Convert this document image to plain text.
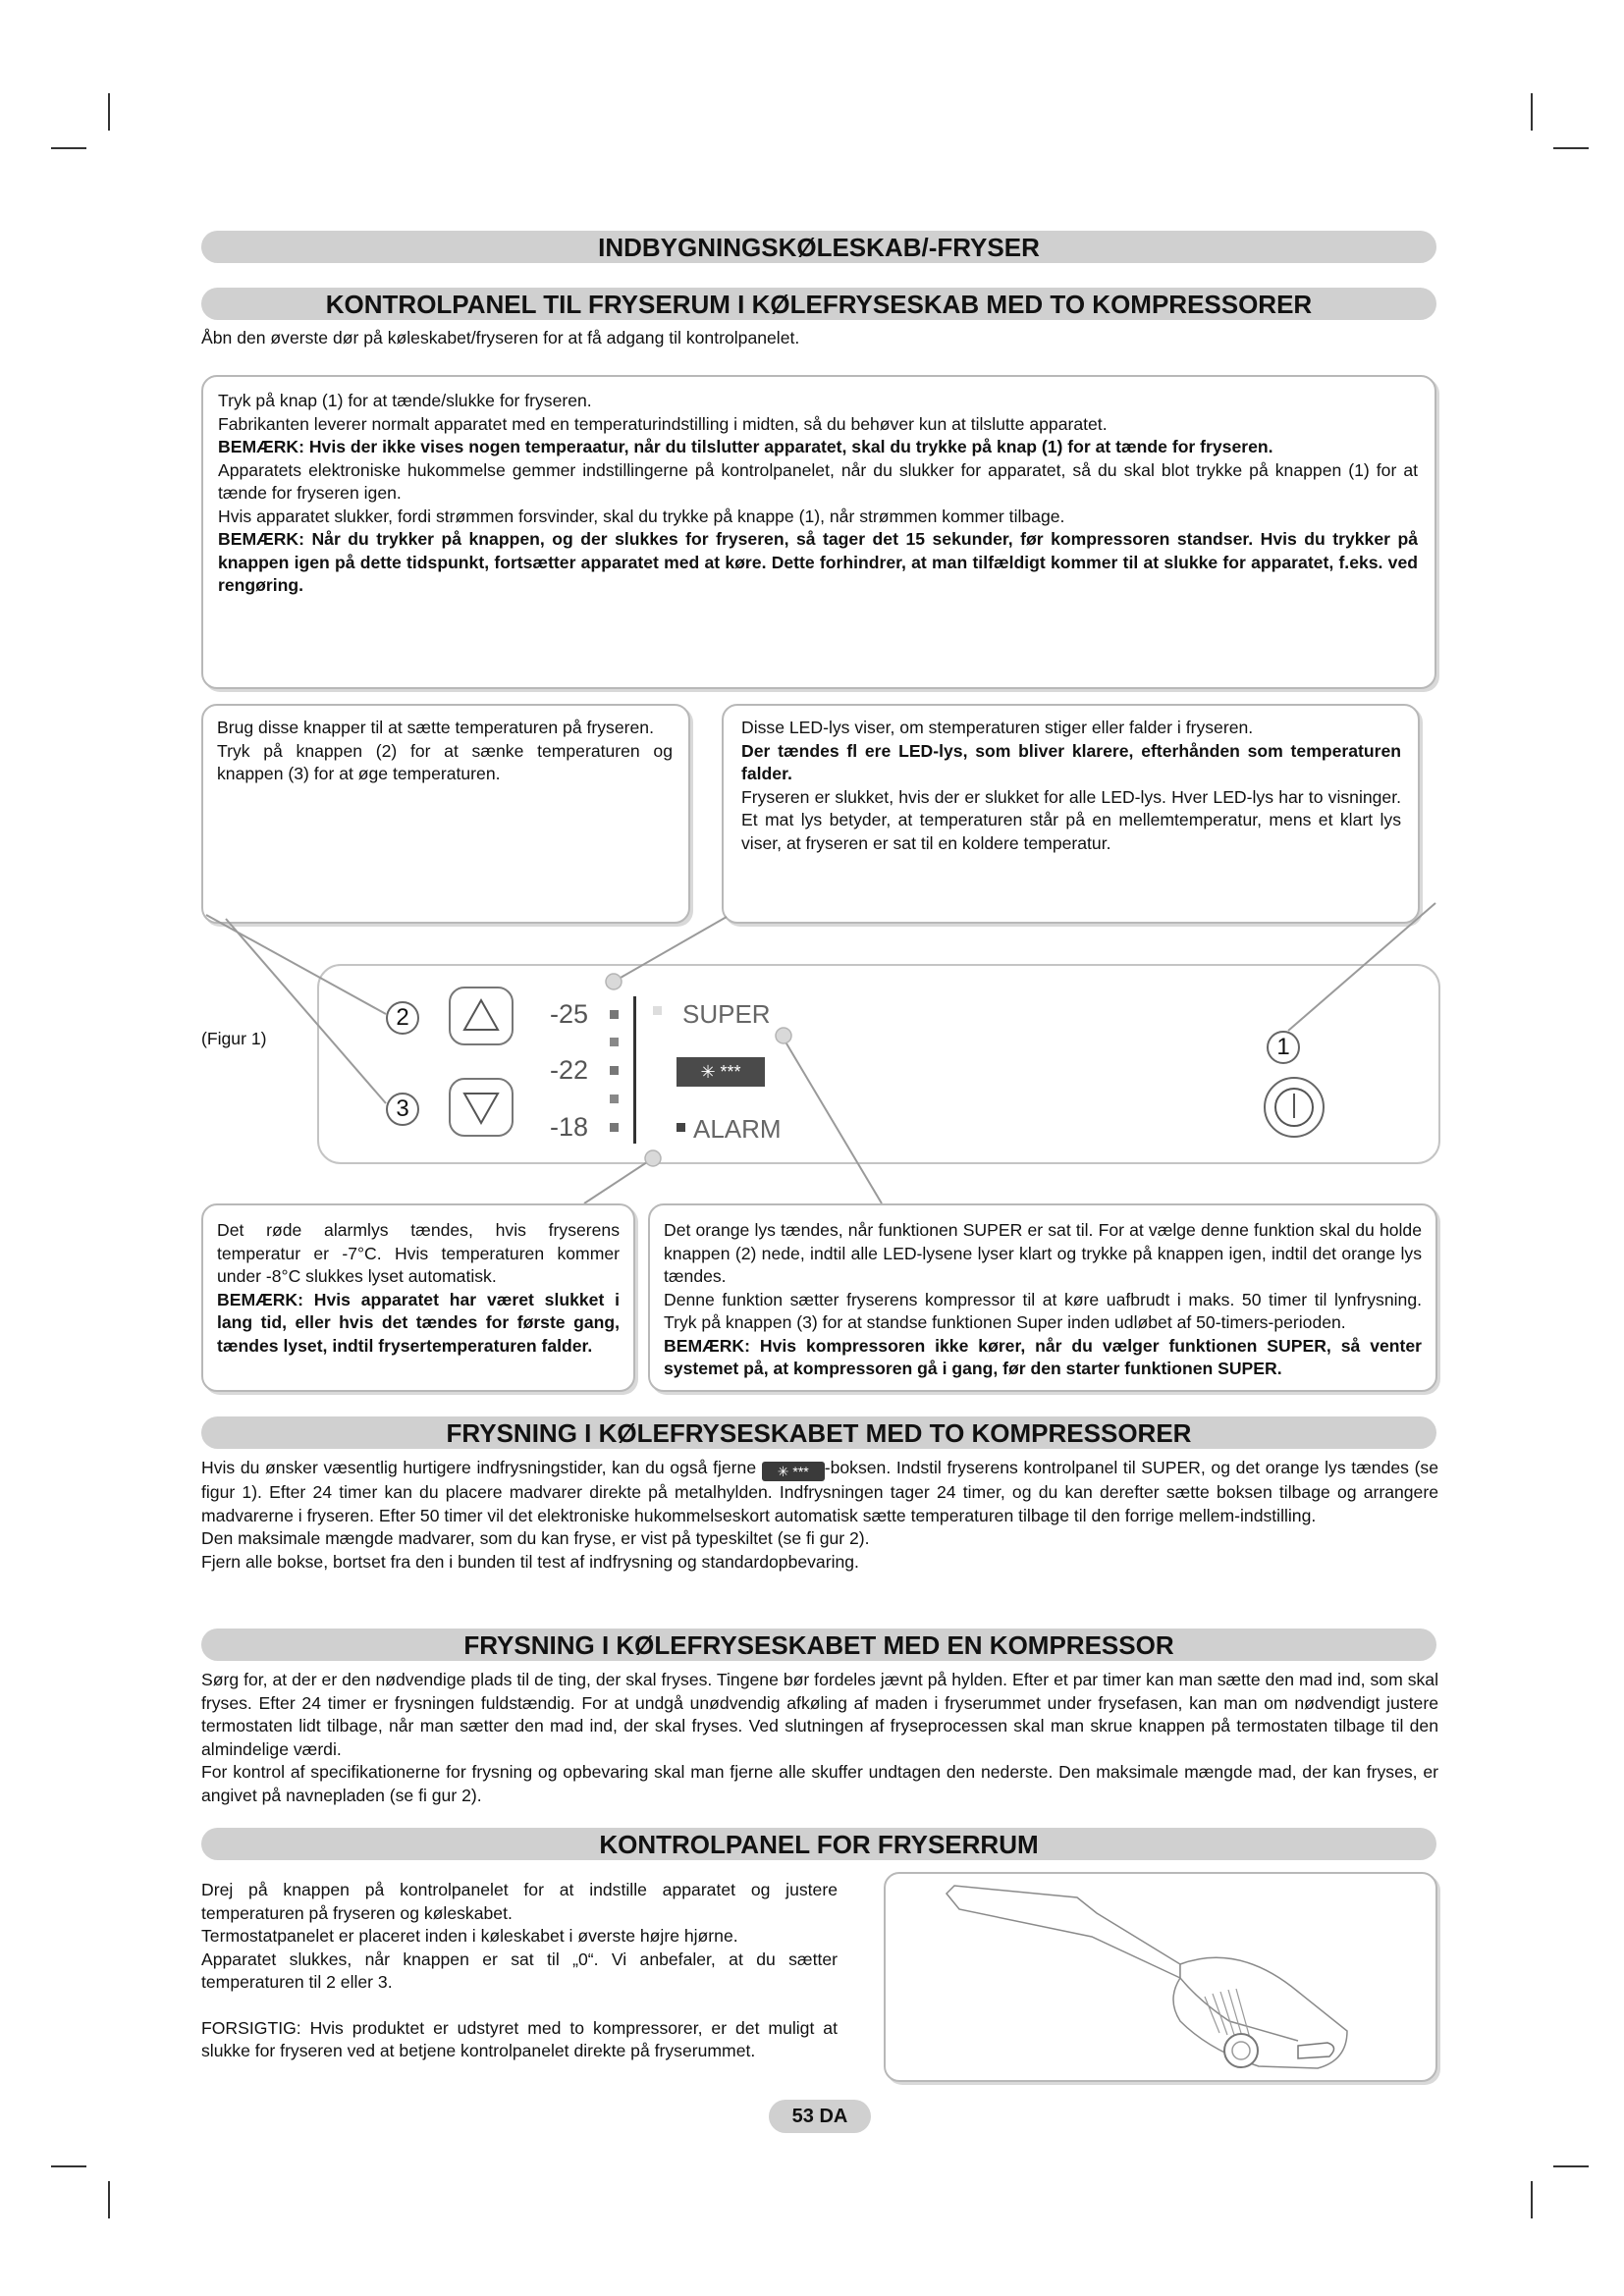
INDBYGNINGSKØLESKAB/-FRYSER
KONTROLPANEL TIL FRYSERUM I KØLEFRYSESKAB MED TO KOMPRESSORER
Åbn den øverste dør på køleskabet/fryseren for at få adgang til kontrolpanelet.

Tryk på knap (1) for at tænde/slukke for fryseren.

Fabrikanten leverer normalt apparatet med en temperaturindstilling i midten, så du behøver kun at tilslutte apparatet.

BEMÆRK: Hvis der ikke vises nogen temperaatur, når du tilslutter apparatet, skal du trykke på knap (1) for at tænde for fryseren.

Apparatets elektroniske hukommelse gemmer indstillingerne på kontrolpanelet, når du slukker for apparatet, så du skal blot trykke på knappen (1) for at tænde for fryseren igen.

Hvis apparatet slukker, fordi strømmen forsvinder, skal du trykke på knappe (1), når strømmen kommer tilbage.

BEMÆRK: Når du trykker på knappen, og der slukkes for fryseren, så tager det 15 sekunder, før kompressoren standser. Hvis du trykker på knappen igen på dette tidspunkt, fortsætter apparatet med at køre. Dette forhindrer, at man tilfældigt kommer til at slukke for apparatet, f.eks. ved rengøring.

Brug disse knapper til at sætte temperaturen på fryseren.

Tryk på knappen (2) for at sænke temperaturen og knappen (3) for at øge temperaturen.

Disse LED-lys viser, om stemperaturen stiger eller falder i fryseren.

Der tændes fl ere LED-lys, som bliver klarere, efterhånden som temperaturen falder.

Fryseren er slukket, hvis der er slukket for alle LED-lys. Hver LED-lys har to visninger. Et mat lys betyder, at temperaturen står på en mellemtemperatur, mens et klart lys viser, at fryseren er sat til en koldere temperatur.

(Figur 1)
2
3
1
-25
-22
-18
SUPER
✳ ***
ALARM

Det røde alarmlys tændes, hvis fryserens temperatur er -7°C. Hvis temperaturen kommer under -8°C slukkes lyset automatisk.

BEMÆRK: Hvis apparatet har været slukket i lang tid, eller hvis det tændes for første gang, tændes lyset, indtil frysertemperaturen falder.

Det orange lys tændes, når funktionen SUPER er sat til. For at vælge denne funktion skal du holde knappen (2) nede, indtil alle LED-lysene lyser klart og trykke på knappen igen, indtil det orange lys tændes.

Denne funktion sætter fryserens kompressor til at køre uafbrudt i maks. 50 timer til lynfrysning. Tryk på knappen (3) for at standse funktionen Super inden udløbet af 50-timers-perioden.

BEMÆRK: Hvis kompressoren ikke kører, når du vælger funktionen SUPER, så venter systemet på, at kompressoren gå i gang, før den starter funktionen SUPER.

FRYSNING I KØLEFRYSESKABET MED TO KOMPRESSORER

Hvis du ønsker væsentlig hurtigere indfrysningstider, kan du også fjerne ✳ *** -boksen. Indstil fryserens kontrolpanel til SUPER, og det orange lys tændes (se figur 1). Efter 24 timer kan du placere madvarer direkte på metalhylden. Indfrysningen tager 24 timer, og du kan derefter sætte boksen tilbage og arrangere madvarerne i fryseren. Efter 50 timer vil det elektroniske hukommelseskort automatisk sætte temperaturen tilbage til den forrige mellem-indstilling.

Den maksimale mængde madvarer, som du kan fryse, er vist på typeskiltet (se fi gur 2).

Fjern alle bokse, bortset fra den i bunden til test af indfrysning og standardopbevaring.

FRYSNING I KØLEFRYSESKABET MED EN KOMPRESSOR

Sørg for, at der er den nødvendige plads til de ting, der skal fryses. Tingene bør fordeles jævnt på hylden. Efter et par timer kan man sætte den mad ind, som skal fryses. Efter 24 timer er frysningen fuldstændig. For at undgå unødvendig afkøling af maden i fryserummet under frysefasen, kan man om nødvendigt justere termostaten lidt tilbage, når man sætter den mad ind, der skal fryses. Ved slutningen af fryseprocessen skal man skrue knappen på termostaten tilbage til den almindelige værdi.

For kontrol af specifikationerne for frysning og opbevaring skal man fjerne alle skuffer undtagen den nederste. Den maksimale mængde mad, der kan fryses, er angivet på navnepladen (se fi gur 2).

KONTROLPANEL FOR FRYSERRUM

Drej på knappen på kontrolpanelet for at indstille apparatet og justere temperaturen på fryseren og køleskabet.

Termostatpanelet er placeret inden i køleskabet i øverste højre hjørne.

Apparatet slukkes, når knappen er sat til „0“. Vi anbefaler, at du sætter temperaturen til 2 eller 3.

FORSIGTIG: Hvis produktet er udstyret med to kompressorer, er det muligt at slukke for fryseren ved at betjene kontrolpanelet direkte på fryserummet.

53 DA
